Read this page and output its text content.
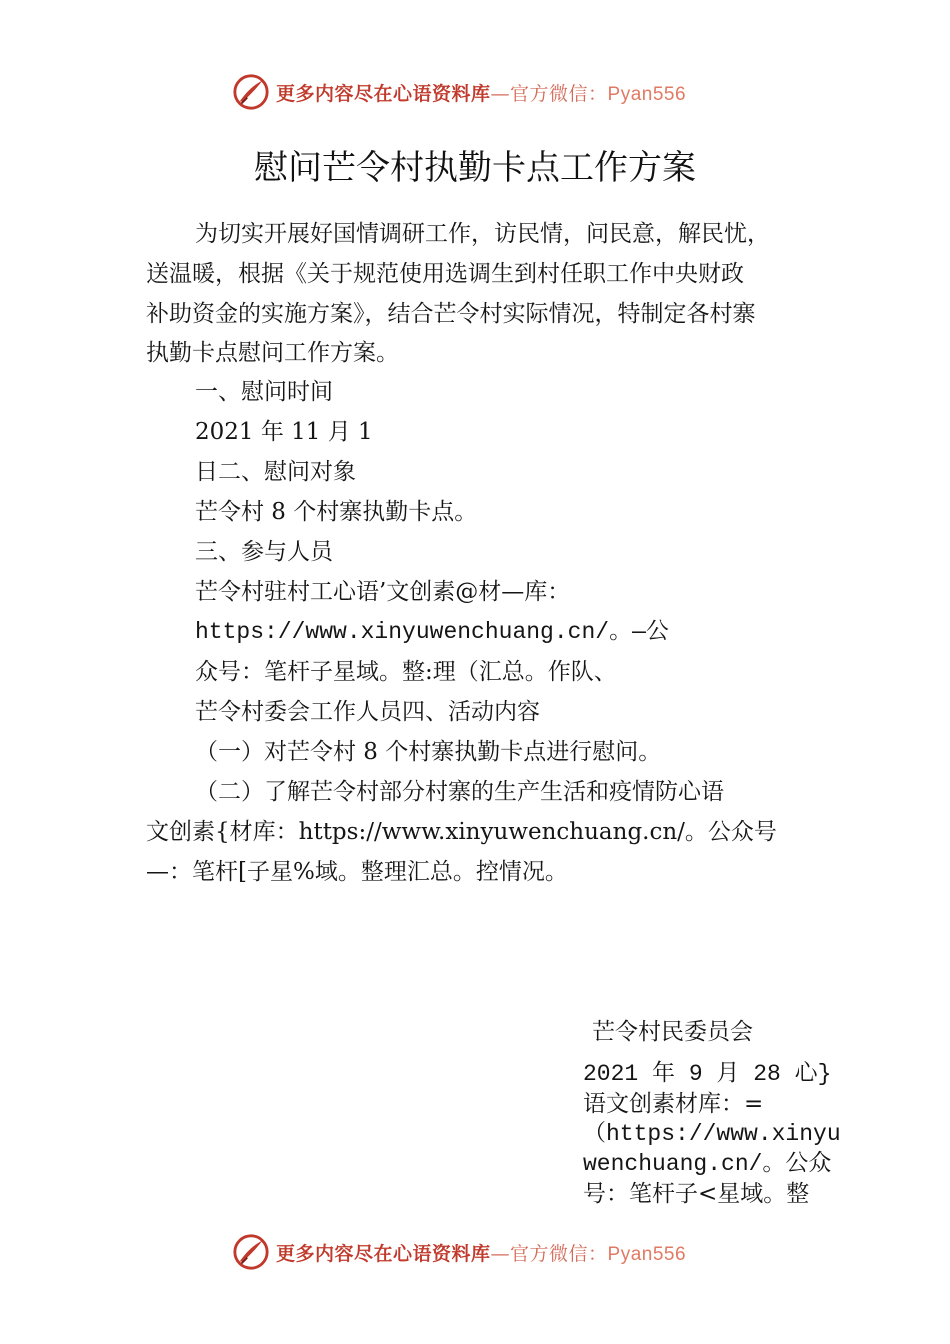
更多内容尽在心语资料库—官方微信：Pyan556
慰问芒令村执勤卡点工作方案
为切实开展好国情调研工作，访民情，问民意，解民忧，
送温暖，根据《关于规范使用选调生到村任职工作中央财政
补助资金的实施方案》，结合芒令村实际情况，特制定各村寨
执勤卡点慰问工作方案。
一、慰问时间
2021 年 11 月 1
日二、慰问对象
芒令村 8 个村寨执勤卡点。
三、参与人员
芒令村驻村工心语’文创素@材—库：
https://www.xinyuwenchuang.cn/。—公
众号：笔杆子星域。整:理（汇总。作队、
芒令村委会工作人员四、活动内容
（一）对芒令村 8 个村寨执勤卡点进行慰问。
（二）了解芒令村部分村寨的生产生活和疫情防心语
文创素{材库：https://www.xinyuwenchuang.cn/。公众号
—：笔杆[子星%域。整理汇总。控情况。
芒令村民委员会
2021 年 9 月 28 心}
语文创素材库：=
（https://www.xinyu
wenchuang.cn/。公众
号：笔杆子<星域。整
更多内容尽在心语资料库—官方微信：Pyan556
